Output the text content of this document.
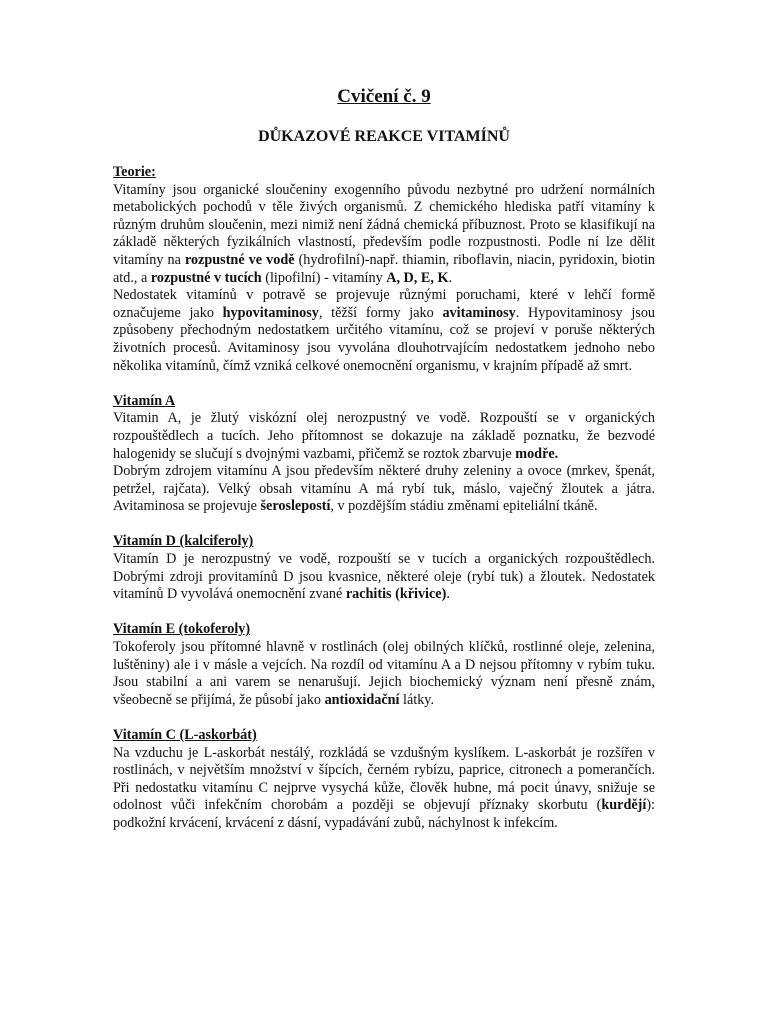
Cvičení č. 9
DŮKAZOVÉ REAKCE VITAMÍNŮ
Teorie:

Vitamíny jsou organické sloučeniny exogenního původu nezbytné pro udržení normálních metabolických pochodů v těle živých organismů. Z chemického hlediska patří vitamíny k různým druhům sloučenin, mezi nimiž není žádná chemická příbuznost. Proto se klasifikují na základě některých fyzikálních vlastností, především podle rozpustnosti. Podle ní lze dělit vitamíny na rozpustné ve vodě (hydrofilní)-např. thiamin, riboflavin, niacin, pyridoxin, biotin atd., a rozpustné v tucích (lipofilní) - vitamíny A, D, E, K.

Nedostatek vitamínů v potravě se projevuje různými poruchami, které v lehčí formě označujeme jako hypovitaminosy, těžší formy jako avitaminosy. Hypovitaminosy jsou způsobeny přechodným nedostatkem určitého vitamínu, což se projeví v poruše některých životních procesů. Avitaminosy jsou vyvolána dlouhotrvajícím nedostatkem jednoho nebo několika vitamínů, čímž vzniká celkové onemocnění organismu, v krajním případě až smrt.

Vitamín A

Vitamin A, je žlutý viskózní olej nerozpustný ve vodě. Rozpouští se v organických rozpouštědlech a tucích. Jeho přítomnost se dokazuje na základě poznatku, že bezvodé halogenidy se slučují s dvojnými vazbami, přičemž se roztok zbarvuje modře.

Dobrým zdrojem vitamínu A jsou především některé druhy zeleniny a ovoce (mrkev, špenát, petržel, rajčata). Velký obsah vitamínu A má rybí tuk, máslo, vaječný žloutek a játra. Avitaminosa se projevuje šeroslepostí, v pozdějším stádiu změnami epiteliální tkáně.

Vitamín D (kalciferoly)

Vitamín D je nerozpustný ve vodě, rozpouští se v tucích a organických rozpouštědlech. Dobrými zdroji provitamínů D jsou kvasnice, některé oleje (rybí tuk) a žloutek. Nedostatek vitamínů D vyvolává onemocnění zvané rachitis (křivice).

Vitamín E (tokoferoly)

Tokoferoly jsou přítomné hlavně v rostlinách (olej obilných klíčků, rostlinné oleje, zelenina, luštěniny) ale i v másle a vejcích. Na rozdíl od vitamínu A a D nejsou přítomny v rybím tuku. Jsou stabilní a ani varem se nenarušují. Jejich biochemický význam není přesně znám, všeobecně se přijímá, že působí jako antioxidační látky.

Vitamín C (L-askorbát)

Na vzduchu je L-askorbát nestálý, rozkládá se vzdušným kyslíkem. L-askorbát je rozšířen v rostlinách, v největším množství v šípcích, černém rybízu, paprice, citronech a pomerančích. Při nedostatku vitamínu C nejprve vysychá kůže, člověk hubne, má pocit únavy, snižuje se odolnost vůči infekčním chorobám a později se objevují příznaky skorbutu (kurdějí): podkožní krvácení, krvácení z dásní, vypadávání zubů, náchylnost k infekcím.
